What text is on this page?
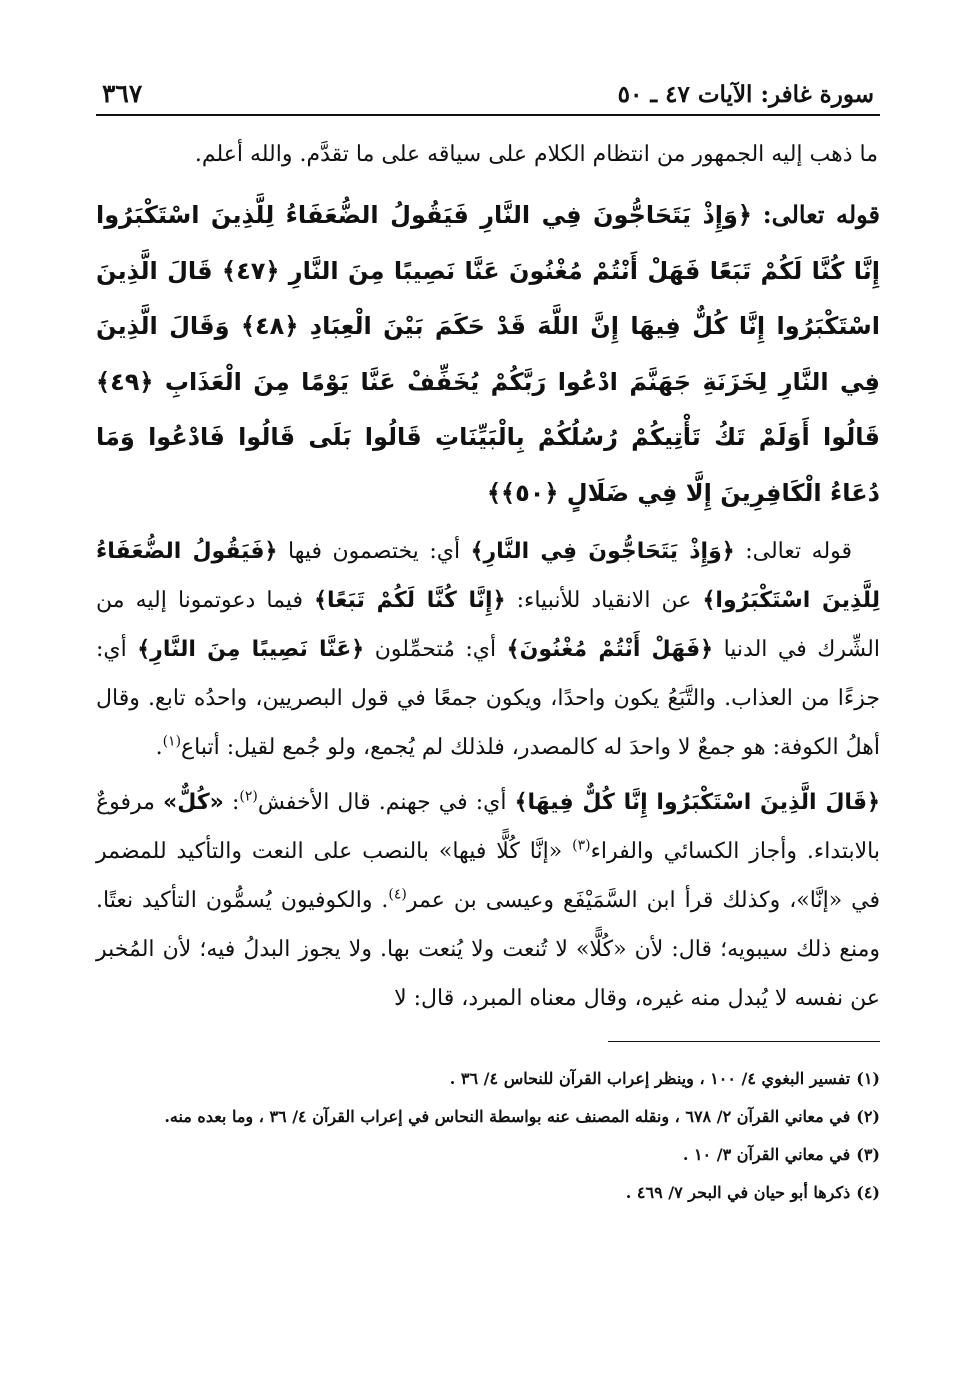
سورة غافر: الآيات ٤٧ ـ ٥٠
٣٦٧

ما ذهب إليه الجمهور من انتظام الكلام على سياقه على ما تقدَّم. والله أعلم.

قوله تعالى: ﴿وَإِذْ يَتَحَاجُّونَ فِي النَّارِ فَيَقُولُ الضُّعَفَاءُ لِلَّذِينَ اسْتَكْبَرُوا إِنَّا كُنَّا لَكُمْ تَبَعًا فَهَلْ أَنْتُمْ مُغْنُونَ عَنَّا نَصِيبًا مِنَ النَّارِ ﴿٤٧﴾ قَالَ الَّذِينَ اسْتَكْبَرُوا إِنَّا كُلٌّ فِيهَا إِنَّ اللَّهَ قَدْ حَكَمَ بَيْنَ الْعِبَادِ ﴿٤٨﴾ وَقَالَ الَّذِينَ فِي النَّارِ لِخَزَنَةِ جَهَنَّمَ ادْعُوا رَبَّكُمْ يُخَفِّفْ عَنَّا يَوْمًا مِنَ الْعَذَابِ ﴿٤٩﴾ قَالُوا أَوَلَمْ تَكُ تَأْتِيكُمْ رُسُلُكُمْ بِالْبَيِّنَاتِ قَالُوا بَلَى قَالُوا فَادْعُوا وَمَا دُعَاءُ الْكَافِرِينَ إِلَّا فِي ضَلَالٍ ﴿٥٠﴾﴾

قوله تعالى: ﴿وَإِذْ يَتَحَاجُّونَ فِي النَّارِ﴾ أي: يختصمون فيها ﴿فَيَقُولُ الضُّعَفَاءُ لِلَّذِينَ اسْتَكْبَرُوا﴾ عن الانقياد للأنبياء: ﴿إِنَّا كُنَّا لَكُمْ تَبَعًا﴾ فيما دعوتمونا إليه من الشِّرك في الدنيا ﴿فَهَلْ أَنْتُمْ مُغْنُونَ﴾ أي: مُتحمِّلون ﴿عَنَّا نَصِيبًا مِنَ النَّارِ﴾ أي: جزءًا من العذاب. والتَّبَعُ يكون واحدًا، ويكون جمعًا في قول البصريين، واحدُه تابع. وقال أهلُ الكوفة: هو جمعٌ لا واحدَ له كالمصدر، فلذلك لم يُجمع، ولو جُمع لقيل: أتباع$^{(١)}$.

﴿قَالَ الَّذِينَ اسْتَكْبَرُوا إِنَّا كُلٌّ فِيهَا﴾ أي: في جهنم. قال الأخفش$^{(٢)}$: «كُلٌّ» مرفوعٌ بالابتداء. وأجاز الكسائي والفراء$^{(٣)}$ «إنَّا كُلًّا فيها» بالنصب على النعت والتأكيد للمضمر في «إنَّا»، وكذلك قرأ ابن السَّمَيْفَع وعيسى بن عمر$^{(٤)}$. والكوفيون يُسمُّون التأكيد نعتًا. ومنع ذلك سيبويه؛ قال: لأن «كُلًّا» لا تُنعت ولا يُنعت بها. ولا يجوز البدلُ فيه؛ لأن المُخبر عن نفسه لا يُبدل منه غيره، وقال معناه المبرد، قال: لا

(١)تفسير البغوي ٤/ ١٠٠ ، وينظر إعراب القرآن للنحاس ٤/ ٣٦ .

(٢)في معاني القرآن ٢/ ٦٧٨ ، ونقله المصنف عنه بواسطة النحاس في إعراب القرآن ٤/ ٣٦ ، وما بعده منه.

(٣)في معاني القرآن ٣/ ١٠ .

(٤)ذكرها أبو حيان في البحر ٧/ ٤٦٩ .
